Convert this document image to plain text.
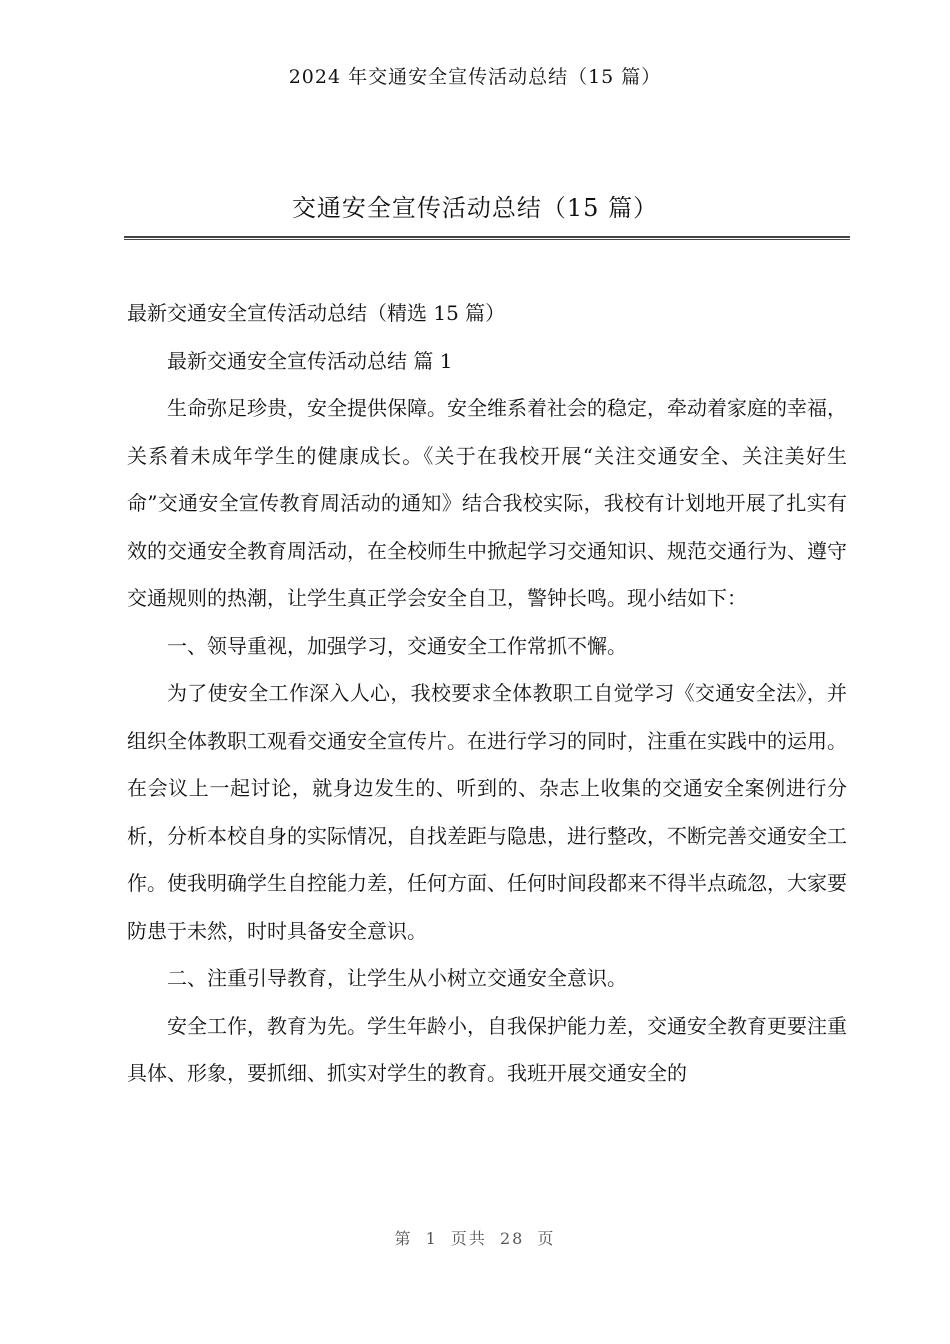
2024 年交通安全宣传活动总结（15 篇）
交通安全宣传活动总结（15 篇）

最新交通安全宣传活动总结（精选 15 篇）

最新交通安全宣传活动总结 篇 1

生命弥足珍贵，安全提供保障。安全维系着社会的稳定，牵动着家庭的幸福，关系着未成年学生的健康成长。《关于在我校开展“关注交通安全、关注美好生命”交通安全宣传教育周活动的通知》结合我校实际，我校有计划地开展了扎实有效的交通安全教育周活动，在全校师生中掀起学习交通知识、规范交通行为、遵守交通规则的热潮，让学生真正学会安全自卫，警钟长鸣。现小结如下：

一、领导重视，加强学习，交通安全工作常抓不懈。

为了使安全工作深入人心，我校要求全体教职工自觉学习《交通安全法》，并组织全体教职工观看交通安全宣传片。在进行学习的同时，注重在实践中的运用。在会议上一起讨论，就身边发生的、听到的、杂志上收集的交通安全案例进行分析，分析本校自身的实际情况，自找差距与隐患，进行整改，不断完善交通安全工作。使我明确学生自控能力差，任何方面、任何时间段都来不得半点疏忽，大家要防患于未然，时时具备安全意识。

二、注重引导教育，让学生从小树立交通安全意识。

安全工作，教育为先。学生年龄小，自我保护能力差，交通安全教育更要注重具体、形象，要抓细、抓实对学生的教育。我班开展交通安全的

第 1 页共 28 页
